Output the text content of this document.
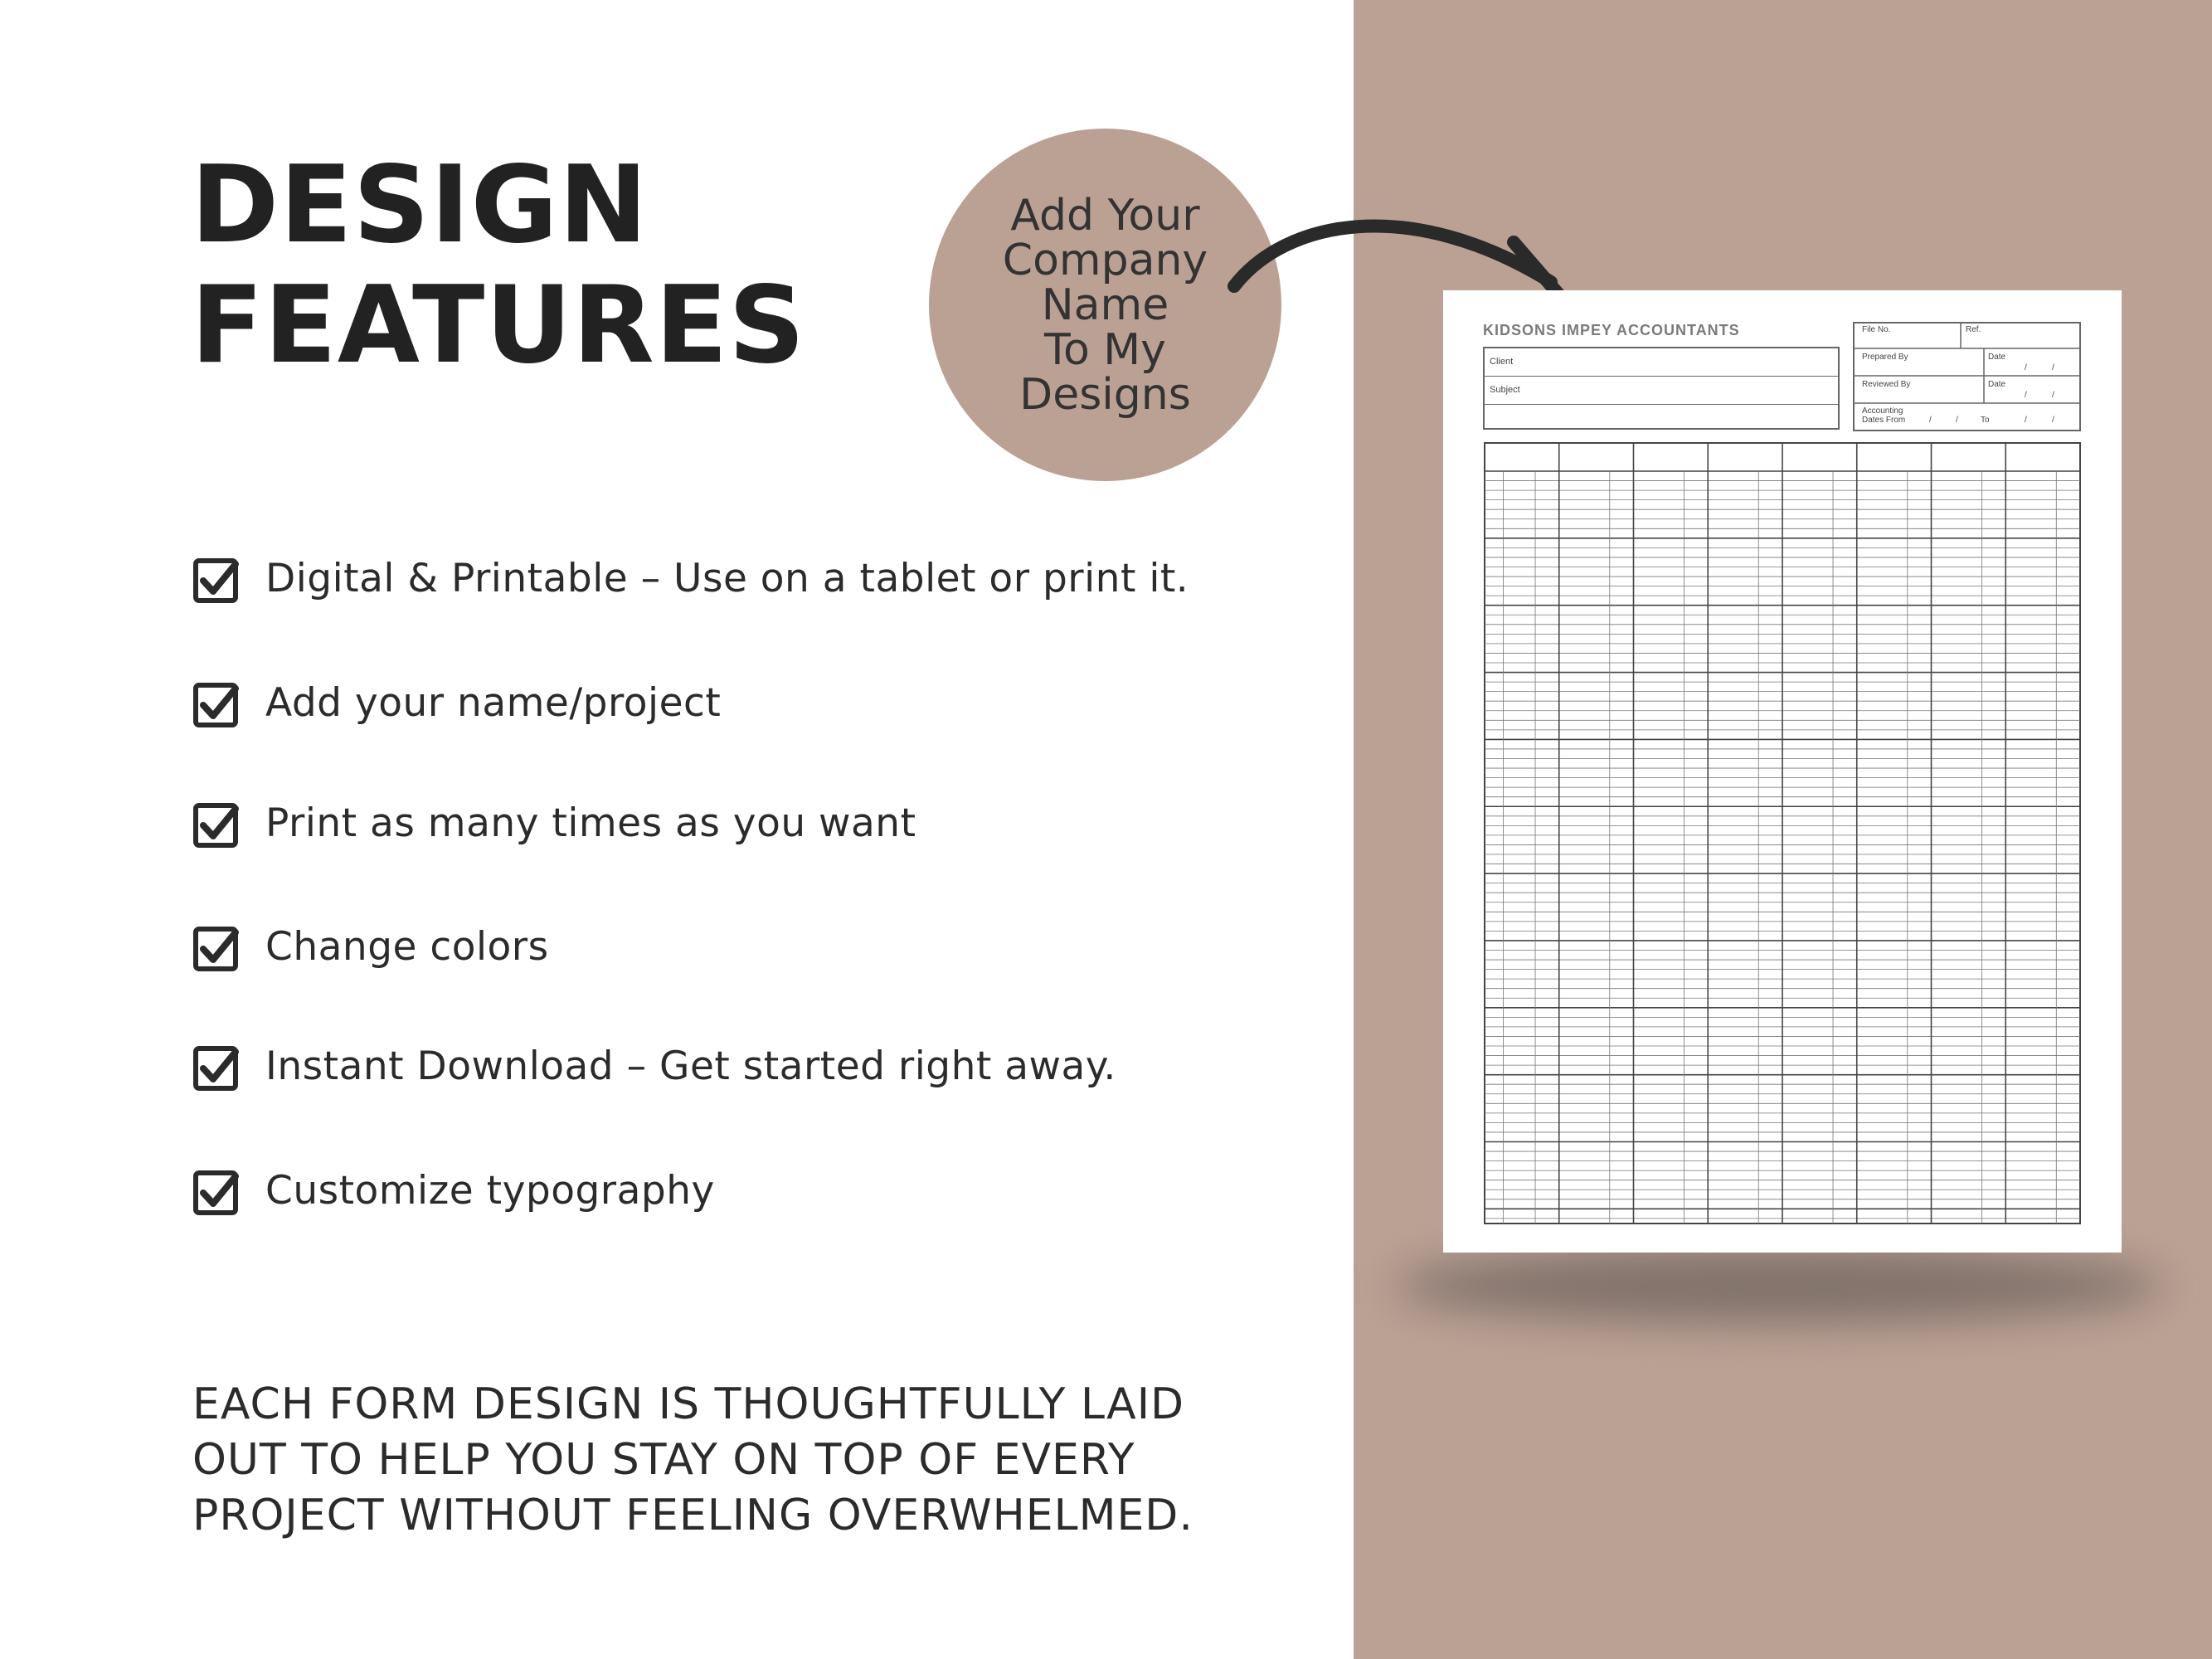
DESIGN
FEATURES
Digital & Printable – Use on a tablet or print it.
Add your name/project
Print as many times as you want
Change colors
Instant Download – Get started right away.
Customize typography
EACH FORM DESIGN IS THOUGHTFULLY LAID
OUT TO HELP YOU STAY ON TOP OF EVERY
PROJECT WITHOUT FEELING OVERWHELMED.
Add Your
Company
Name
To My
Designs
KIDSONS IMPEY ACCOUNTANTS
Client
Subject
File No.	Ref.
Prepared By	Date
/	/
Reviewed By	Date
/	/
Accounting
Dates From	/	/	To	/	/
